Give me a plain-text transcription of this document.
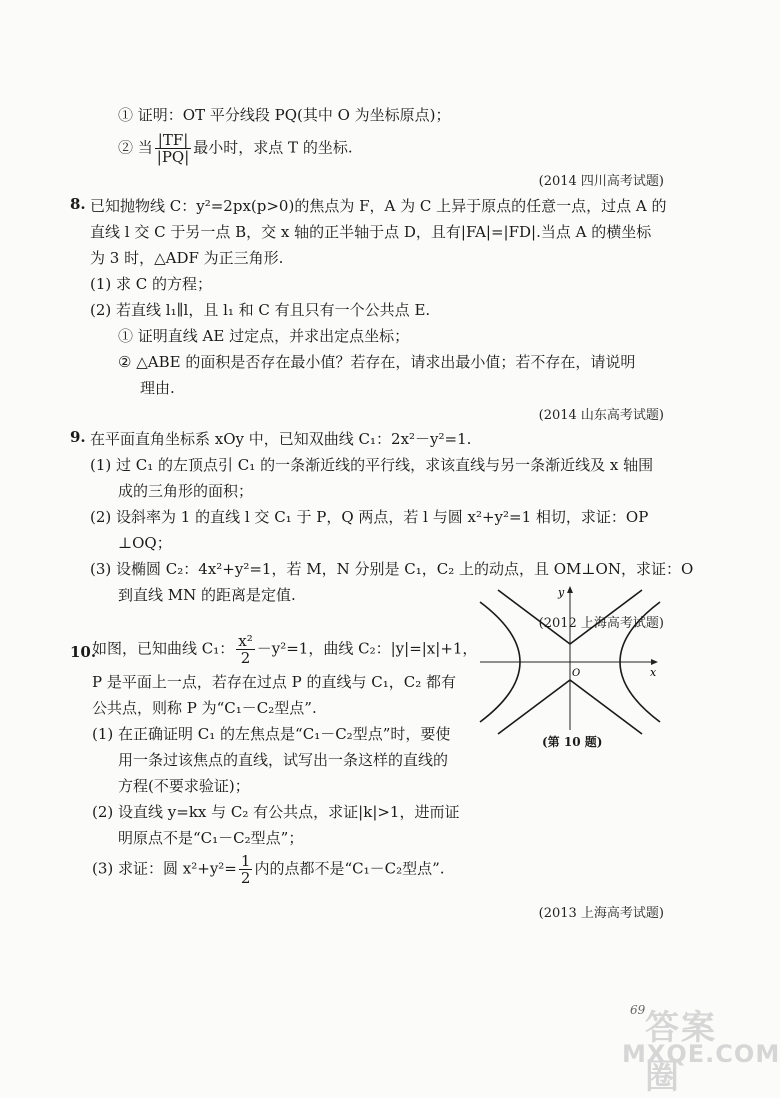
① 证明：OT 平分线段 PQ(其中 O 为坐标原点)；
② 当 $\frac{|TF|}{|PQ|}$ 最小时，求点 T 的坐标.
(2014 四川高考试题)
8. 已知抛物线 C：y²=2px(p>0)的焦点为 F，A 为 C 上异于原点的任意一点，过点 A 的
直线 l 交 C 于另一点 B，交 x 轴的正半轴于点 D，且有|FA|=|FD|.当点 A 的横坐标
为 3 时，△ADF 为正三角形.
(1) 求 C 的方程；
(2) 若直线 l₁∥l，且 l₁ 和 C 有且只有一个公共点 E.
① 证明直线 AE 过定点，并求出定点坐标；
② △ABE 的面积是否存在最小值？若存在，请求出最小值；若不存在，请说明
理由.
(2014 山东高考试题)
9. 在平面直角坐标系 xOy 中，已知双曲线 C₁：2x²－y²=1.
(1) 过 C₁ 的左顶点引 C₁ 的一条渐近线的平行线，求该直线与另一条渐近线及 x 轴围
成的三角形的面积；
(2) 设斜率为 1 的直线 l 交 C₁ 于 P，Q 两点，若 l 与圆 x²+y²=1 相切，求证：OP
⊥OQ；
(3) 设椭圆 C₂：4x²+y²=1，若 M，N 分别是 C₁，C₂ 上的动点，且 OM⊥ON，求证：O
到直线 MN 的距离是定值.
(2012 上海高考试题)
10.
如图，已知曲线 C₁： $\frac{\text{x²}}{2} -y^2=1$，曲线 C₂：|y|=|x|+1，
P 是平面上一点，若存在过点 P 的直线与 C₁，C₂ 都有
公共点，则称 P 为“C₁－C₂型点”.
(1) 在正确证明 C₁ 的左焦点是“C₁－C₂型点”时，要使
用一条过该焦点的直线，试写出一条这样的直线的
方程(不要求验证)；
(2) 设直线 y=kx 与 C₂ 有公共点，求证|k|>1，进而证
明原点不是“C₁－C₂型点”；
(3) 求证：圆 $x^2+y^2= \frac{1}{2}$ 内的点都不是“C₁－C₂型点”.
(2013 上海高考试题)
x
y
O
(第 10 题)
69 答案圈
MXQE.COM
